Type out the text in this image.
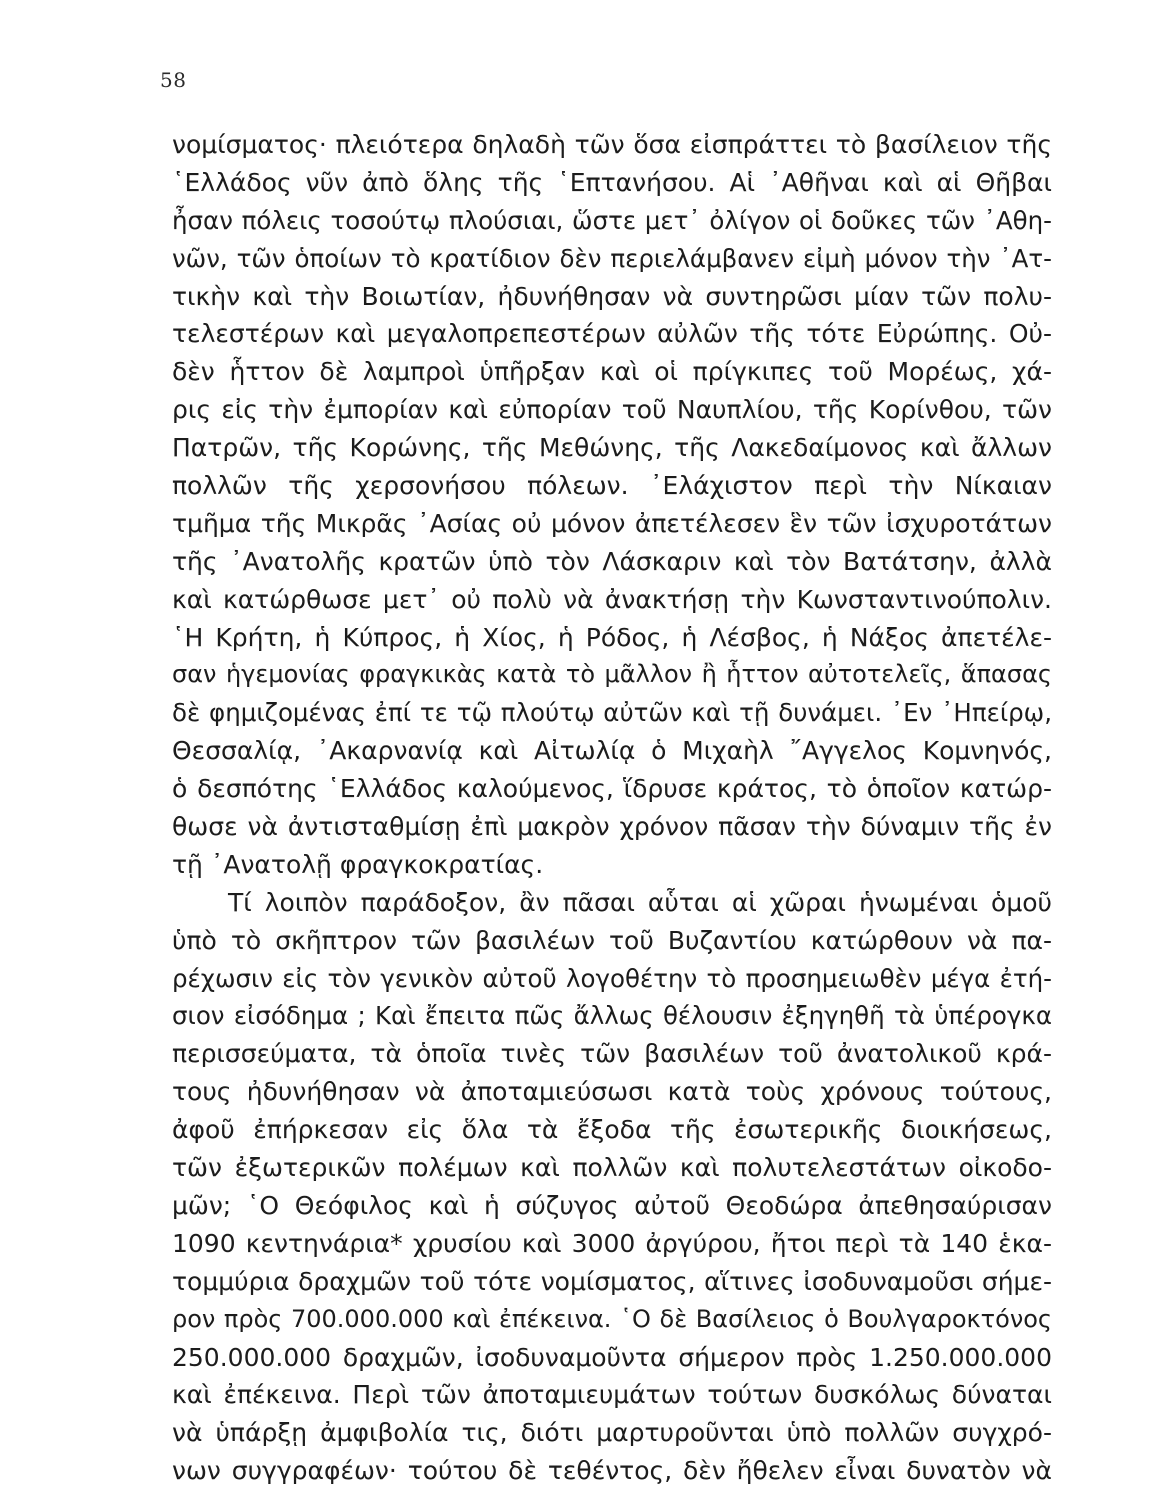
58
νομίσματος· πλειότερα δηλαδὴ τῶν ὅσα εἰσπράττει τὸ βασίλειον τῆς
῾Ελλάδος νῦν ἀπὸ ὅλης τῆς ῾Επτανήσου. Αἱ ᾿Αθῆναι καὶ αἱ Θῆβαι
ἦσαν πόλεις τοσούτῳ πλούσιαι, ὥστε μετ᾿ ὀλίγον οἱ δοῦκες τῶν ᾿Αθη-
νῶν, τῶν ὁποίων τὸ κρατίδιον δὲν περιελάμβανεν εἰμὴ μόνον τὴν ᾿Ατ-
τικὴν καὶ τὴν Βοιωτίαν, ἠδυνήθησαν νὰ συντηρῶσι μίαν τῶν πολυ-
τελεστέρων καὶ μεγαλοπρεπεστέρων αὐλῶν τῆς τότε Εὐρώπης. Οὐ-
δὲν ἧττον δὲ λαμπροὶ ὑπῆρξαν καὶ οἱ πρίγκιπες τοῦ Μορέως, χά-
ρις εἰς τὴν ἐμπορίαν καὶ εὐπορίαν τοῦ Ναυπλίου, τῆς Κορίνθου, τῶν
Πατρῶν, τῆς Κορώνης, τῆς Μεθώνης, τῆς Λακεδαίμονος καὶ ἄλλων
πολλῶν τῆς χερσονήσου πόλεων. ᾿Ελάχιστον περὶ τὴν Νίκαιαν
τμῆμα τῆς Μικρᾶς ᾿Ασίας οὐ μόνον ἀπετέλεσεν ἓν τῶν ἰσχυροτάτων
τῆς ᾿Ανατολῆς κρατῶν ὑπὸ τὸν Λάσκαριν καὶ τὸν Βατάτσην, ἀλλὰ
καὶ κατώρθωσε μετ᾿ οὐ πολὺ νὰ ἀνακτήσῃ τὴν Κωνσταντινούπολιν.
῾Η Κρήτη, ἡ Κύπρος, ἡ Χίος, ἡ Ρόδος, ἡ Λέσβος, ἡ Νάξος ἀπετέλε-
σαν ἡγεμονίας φραγκικὰς κατὰ τὸ μᾶλλον ἢ ἧττον αὐτοτελεῖς, ἅπασας
δὲ φημιζομένας ἐπί τε τῷ πλούτῳ αὐτῶν καὶ τῇ δυνάμει. ᾿Εν ᾿Ηπείρῳ,
Θεσσαλίᾳ, ᾿Ακαρνανίᾳ καὶ Αἰτωλίᾳ ὁ Μιχαὴλ ῎Αγγελος Κομνηνός,
ὁ δεσπότης ῾Ελλάδος καλούμενος, ἵδρυσε κράτος, τὸ ὁποῖον κατώρ-
θωσε νὰ ἀντισταθμίσῃ ἐπὶ μακρὸν χρόνον πᾶσαν τὴν δύναμιν τῆς ἐν
τῇ ᾿Ανατολῇ φραγκοκρατίας.
Τί λοιπὸν παράδοξον, ἂν πᾶσαι αὗται αἱ χῶραι ἡνωμέναι ὁμοῦ
ὑπὸ τὸ σκῆπτρον τῶν βασιλέων τοῦ Βυζαντίου κατώρθουν νὰ πα-
ρέχωσιν εἰς τὸν γενικὸν αὐτοῦ λογοθέτην τὸ προσημειωθὲν μέγα ἐτή-
σιον εἰσόδημα ; Καὶ ἔπειτα πῶς ἄλλως θέλουσιν ἐξηγηθῆ τὰ ὑπέρογκα
περισσεύματα, τὰ ὁποῖα τινὲς τῶν βασιλέων τοῦ ἀνατολικοῦ κρά-
τους ἠδυνήθησαν νὰ ἀποταμιεύσωσι κατὰ τοὺς χρόνους τούτους,
ἀφοῦ ἐπήρκεσαν εἰς ὅλα τὰ ἔξοδα τῆς ἐσωτερικῆς διοικήσεως,
τῶν ἐξωτερικῶν πολέμων καὶ πολλῶν καὶ πολυτελεστάτων οἰκοδο-
μῶν; ῾Ο Θεόφιλος καὶ ἡ σύζυγος αὐτοῦ Θεοδώρα ἀπεθησαύρισαν
1090 κεντηνάρια* χρυσίου καὶ 3000 ἀργύρου, ἤτοι περὶ τὰ 140 ἑκα-
τομμύρια δραχμῶν τοῦ τότε νομίσματος, αἵτινες ἰσοδυναμοῦσι σήμε-
ρον πρὸς 700.000.000 καὶ ἐπέκεινα. ῾Ο δὲ Βασίλειος ὁ Βουλγαροκτόνος
250.000.000 δραχμῶν, ἰσοδυναμοῦντα σήμερον πρὸς 1.250.000.000
καὶ ἐπέκεινα. Περὶ τῶν ἀποταμιευμάτων τούτων δυσκόλως δύναται
νὰ ὑπάρξῃ ἀμφιβολία τις, διότι μαρτυροῦνται ὑπὸ πολλῶν συγχρό-
νων συγγραφέων· τούτου δὲ τεθέντος, δὲν ἤθελεν εἶναι δυνατὸν νὰ
